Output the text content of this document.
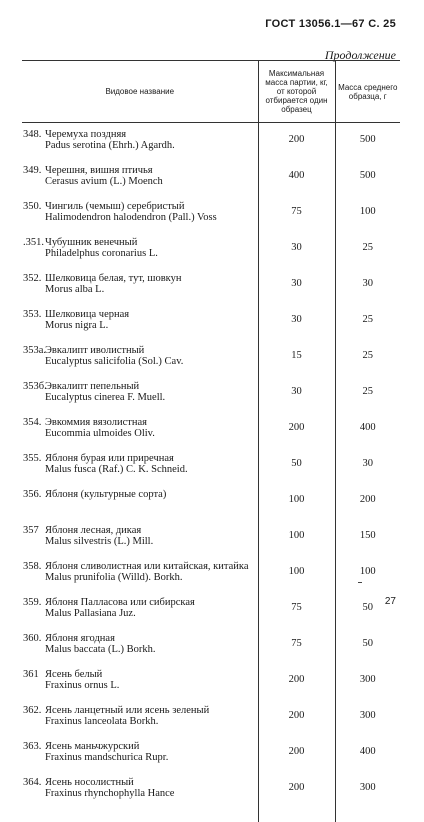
ГОСТ 13056.1—67 С. 25
Продолжение
Видовое название	Максимальная масса партии, кг, от которой отбирается один образец	Масса среднего образца, г

348. Черемуха поздняя
Padus serotina (Ehrh.) Agardh.	200	500

349. Черешня, вишня птичья
Cerasus avium (L.) Moench	400	500

350. Чингиль (чемыш) серебристый
Halimodendron halodendron (Pall.) Voss	75	100

.351. Чубушник венечный
Philadelphus coronarius L.	30	25

352. Шелковица белая, тут, шовкун
Morus alba L.	30	30

353. Шелковица черная
Morus nigra L.	30	25

353а.
Эвкалипт иволистный
Eucalyptus salicifolia (Sol.) Cav.	15	25

353б.
Эвкалипт пепельный
Eucalyptus cinerea F. Muell.	30	25

354. Эвкоммия вязолистная
Eucommia ulmoides Oliv.	200	400

355. Яблоня бурая или приречная
Malus fusca (Raf.) C. K. Schneid.	50	30

356. Яблоня (культурные сорта)	100	200

357 Яблоня лесная, дикая
Malus silvestris (L.) Mill.	100	150

358. Яблоня сливолистная или китайская, китайка
Malus prunifolia (Willd). Borkh.	100	100

359. Яблоня Палласова или сибирская
Malus Pallasiana Juz.	75	50

360. Яблоня ягодная
Malus baccata (L.) Borkh.	75	50

361 Ясень белый
Fraxinus ornus L.	200	300

362. Ясень ланцетный или ясень зеленый
Fraxinus lanceolata Borkh.	200	300

363. Ясень маньчжурский
Fraxinus mandschurica Rupr.	200	400

364. Ясень носолистный
Fraxinus rhynchophylla Hance	200	300
27
